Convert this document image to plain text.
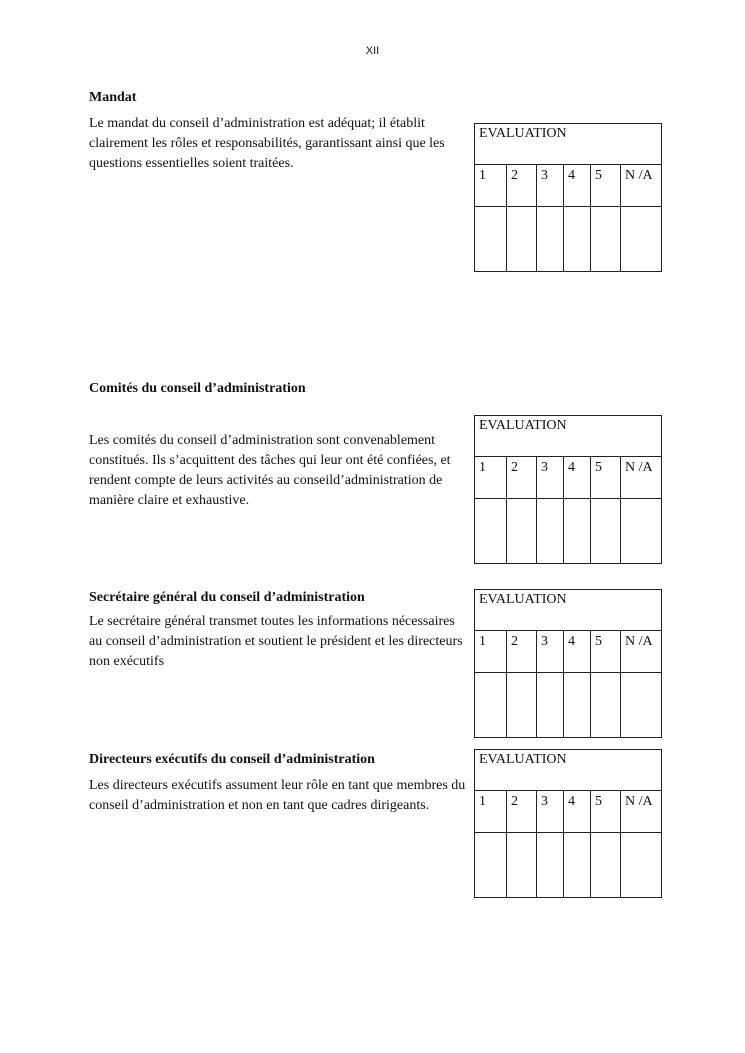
XII

Mandat

Le mandat du conseil d’administration est adéquat; il établit clairement les rôles et responsabilités, garantissant ainsi que les questions essentielles soient traitées.

EVALUATION					
1	2	3	4	5	N /A

Comités du conseil d’administration

Les comités du conseil d’administration sont convenablement constitués. Ils s’acquittent des tâches qui leur ont été confiées, et rendent compte de leurs activités au conseild’administration de manière claire et exhaustive.

EVALUATION					
1	2	3	4	5	N /A

Secrétaire général du conseil d’administration

Le secrétaire général transmet toutes les informations nécessaires au conseil d’administration et soutient le président et les directeurs non exécutifs

EVALUATION					
1	2	3	4	5	N /A

Directeurs exécutifs du conseil d’administration

Les directeurs exécutifs assument leur rôle en tant que membres du conseil d’administration et non en tant que cadres dirigeants.

EVALUATION					
1	2	3	4	5	N /A
